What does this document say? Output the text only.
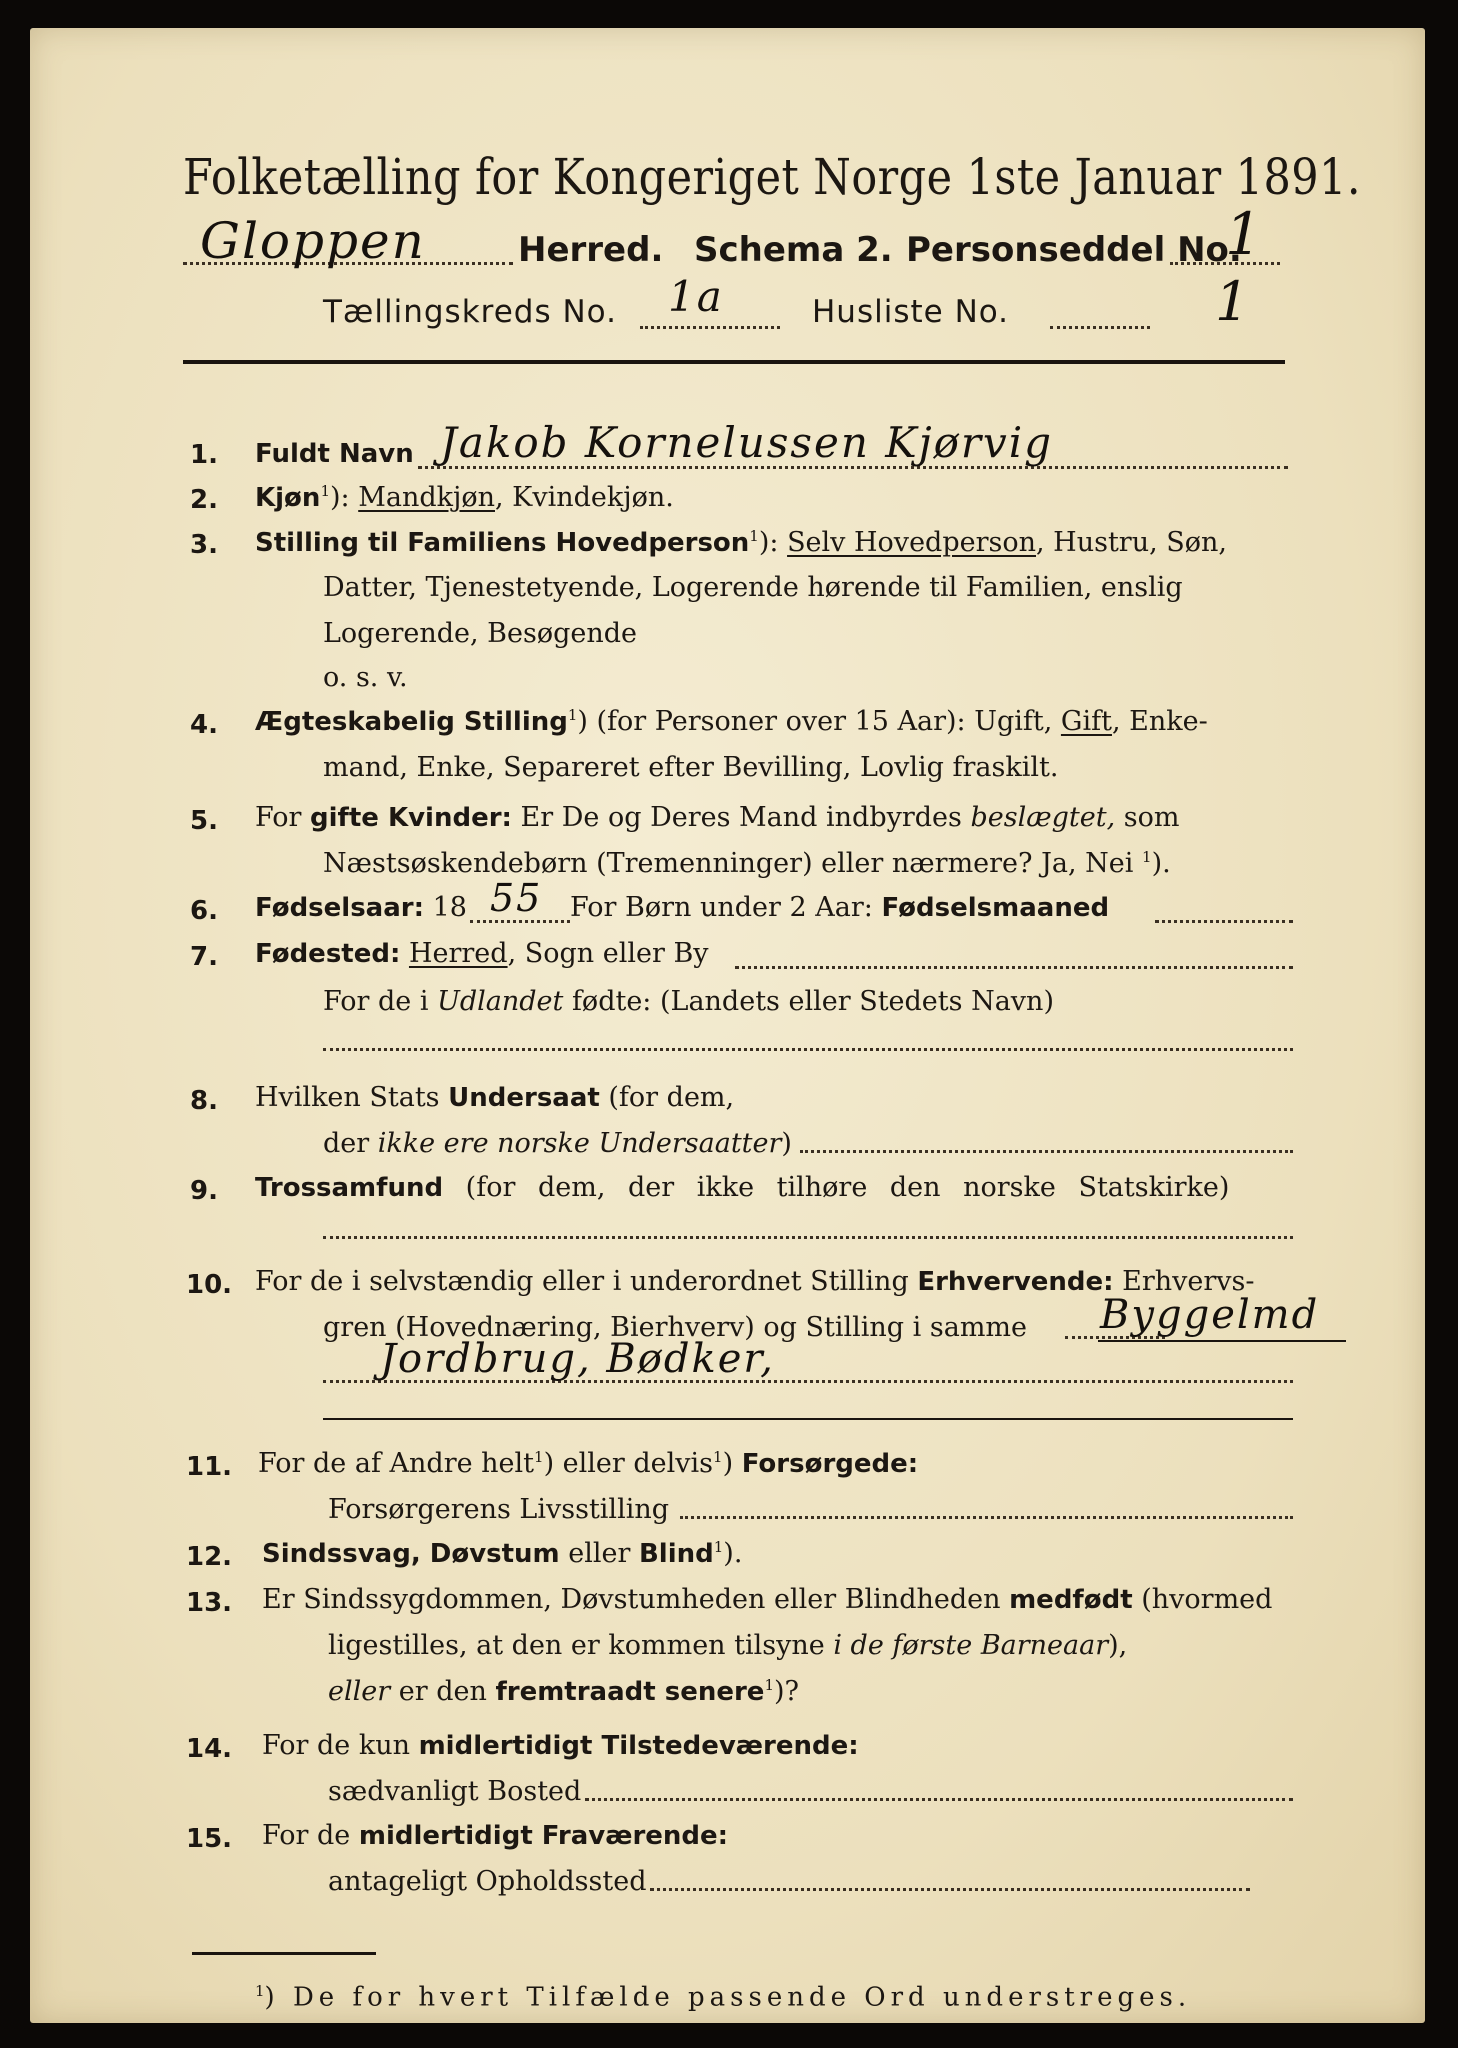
Folketælling for Kongeriget Norge 1ste Januar 1891.
Gloppen	Herred. Schema 2. Personseddel No.
1
Tællingskreds No. 1a	Husliste No.	1
1. Fuldt Navn Jakob Kornelussen Kjørvig
2. Kjøn$^1$): Mandkjøn, Kvindekjøn.
3. Stilling til Familiens Hovedperson$^1$): Selv Hovedperson, Hustru, Søn,
Datter, Tjenestetyende, Logerende hørende til Familien, enslig
Logerende, Besøgende
o. s. v.
4. Ægteskabelig Stilling$^1$) (for Personer over 15 Aar): Ugift, Gift, Enke-
mand, Enke, Separeret efter Bevilling, Lovlig fraskilt.
5. For gifte Kvinder: Er De og Deres Mand indbyrdes beslægtet, som
Næstsøskendebørn (Tremenninger) eller nærmere? Ja, Nei $^1$).
6. Fødselsaar: 18 55 For Børn under 2 Aar: Fødselsmaaned
7. Fødested: Herred, Sogn eller By
For de i Udlandet fødte: (Landets eller Stedets Navn)
8. Hvilken Stats Undersaat (for dem,
der ikke ere norske Undersaatter)
9. Trossamfund (for dem, der ikke tilhøre den norske Statskirke)
10. For de i selvstændig eller i underordnet Stilling Erhvervende: Erhvervs-
gren (Hovednæring, Bierhverv) og Stilling i samme Byggelmd
Jordbrug, Bødker,
11. For de af Andre helt$^1$) eller delvis$^1$) Forsørgede:
Forsørgerens Livsstilling
12. Sindssvag, Døvstum eller Blind$^1$).
13. Er Sindssygdommen, Døvstumheden eller Blindheden medfødt (hvormed
ligestilles, at den er kommen tilsyne i de første Barneaar),
eller er den fremtraadt senere$^1$)?
14. For de kun midlertidigt Tilstedeværende:
sædvanligt Bosted
15. For de midlertidigt Fraværende:
antageligt Opholdssted
$^1$) De for hvert Tilfælde passende Ord understreges.
